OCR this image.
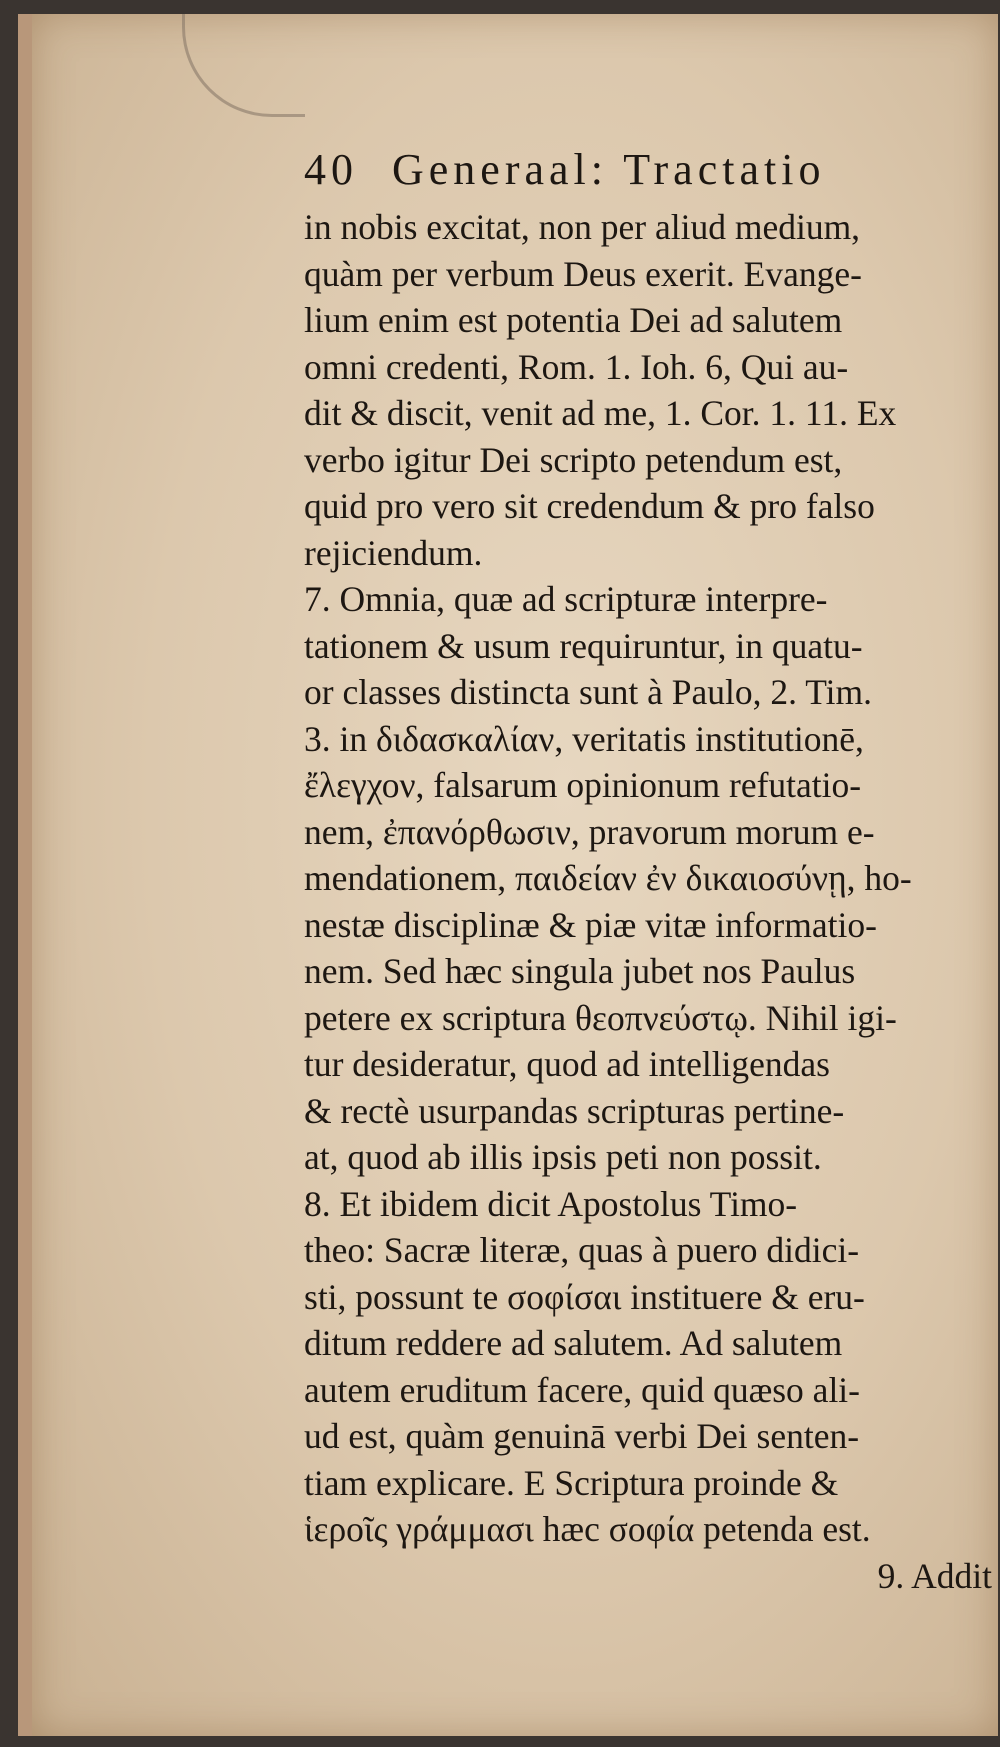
40 Generaal: Tractatio
in nobis excitat, non per aliud medium,
quàm per verbum Deus exerit. Evange-
lium enim est potentia Dei ad salutem
omni credenti, Rom. 1. Ioh. 6, Qui au-
dit & discit, venit ad me, 1. Cor. 1. 11. Ex
verbo igitur Dei scripto petendum est,
quid pro vero sit credendum & pro falso
rejiciendum.
7. Omnia, quæ ad scripturæ interpre-
tationem & usum requiruntur, in quatu-
or classes distincta sunt à Paulo, 2. Tim.
3. in διδασκαλίαν, veritatis institutionē,
ἔλεγχον, falsarum opinionum refutatio-
nem, ἐπανόρθωσιν, pravorum morum e-
mendationem, παιδείαν ἐν δικαιοσύνῃ, ho-
nestæ disciplinæ & piæ vitæ informatio-
nem. Sed hæc singula jubet nos Paulus
petere ex scriptura θεοπνεύστῳ. Nihil igi-
tur desideratur, quod ad intelligendas
& rectè usurpandas scripturas pertine-
at, quod ab illis ipsis peti non possit.
8. Et ibidem dicit Apostolus Timo-
theo: Sacræ literæ, quas à puero didici-
sti, possunt te σοφίσαι instituere & eru-
ditum reddere ad salutem. Ad salutem
autem eruditum facere, quid quæso ali-
ud est, quàm genuinā verbi Dei senten-
tiam explicare. E Scriptura proinde &
ἱεροῖς γράμμασι hæc σοφία petenda est.
9. Addit
